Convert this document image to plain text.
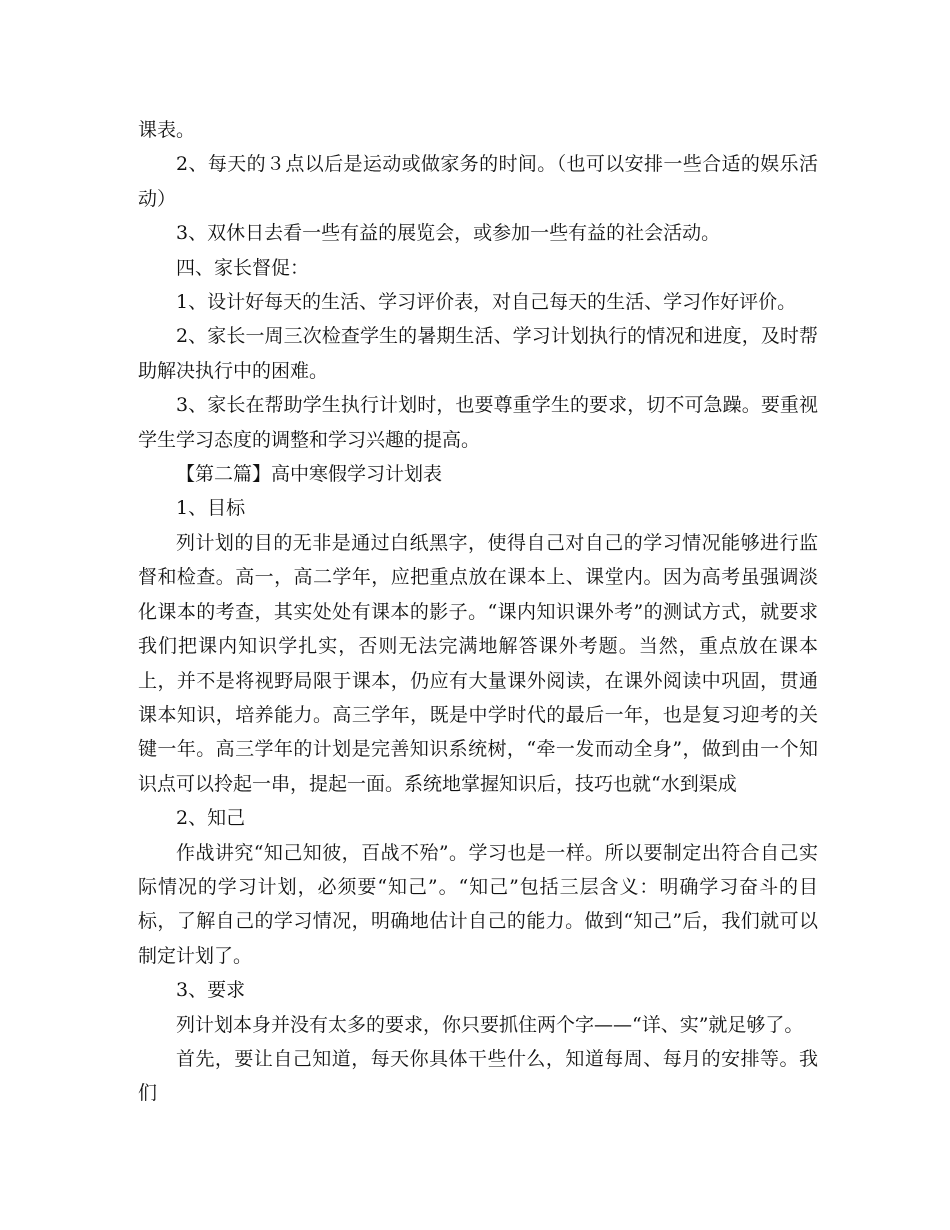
课表。

2、每天的３点以后是运动或做家务的时间。（也可以安排一些合适的娱乐活动）

3、双休日去看一些有益的展览会，或参加一些有益的社会活动。

四、家长督促：

1、设计好每天的生活、学习评价表，对自己每天的生活、学习作好评价。

2、家长一周三次检查学生的暑期生活、学习计划执行的情况和进度，及时帮助解决执行中的困难。

3、家长在帮助学生执行计划时，也要尊重学生的要求，切不可急躁。要重视学生学习态度的调整和学习兴趣的提高。

【第二篇】高中寒假学习计划表

1、目标

列计划的目的无非是通过白纸黑字，使得自己对自己的学习情况能够进行监督和检查。高一，高二学年，应把重点放在课本上、课堂内。因为高考虽强调淡化课本的考查，其实处处有课本的影子。“课内知识课外考”的测试方式，就要求我们把课内知识学扎实，否则无法完满地解答课外考题。当然，重点放在课本上，并不是将视野局限于课本，仍应有大量课外阅读，在课外阅读中巩固，贯通课本知识，培养能力。高三学年，既是中学时代的最后一年，也是复习迎考的关键一年。高三学年的计划是完善知识系统树，“牵一发而动全身”，做到由一个知识点可以拎起一串，提起一面。系统地掌握知识后，技巧也就“水到渠成

2、知己

作战讲究“知己知彼，百战不殆”。学习也是一样。所以要制定出符合自己实际情况的学习计划，必须要“知己”。“知己”包括三层含义：明确学习奋斗的目标，了解自己的学习情况，明确地估计自己的能力。做到“知己”后，我们就可以制定计划了。

3、要求

列计划本身并没有太多的要求，你只要抓住两个字——“详、实”就足够了。

首先，要让自己知道，每天你具体干些什么，知道每周、每月的安排等。我们
